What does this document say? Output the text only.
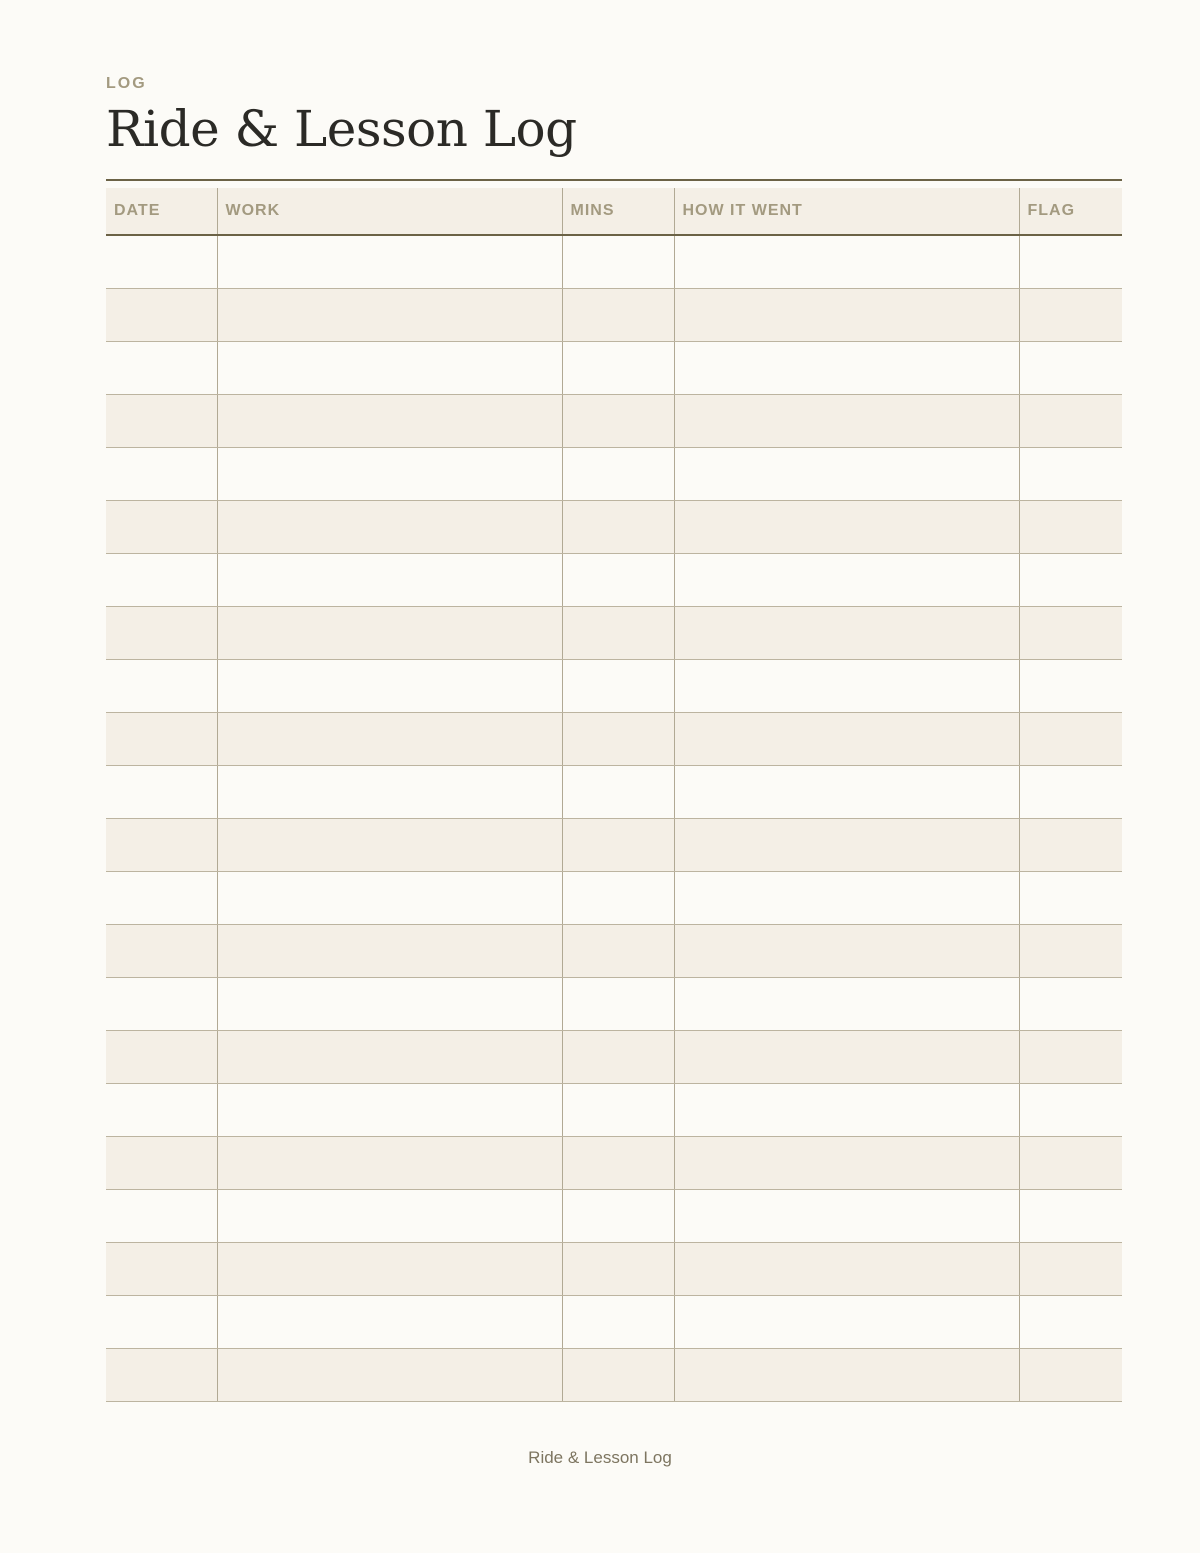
LOG
Ride & Lesson Log
DATE	WORK	MINS	HOW IT WENT	FLAG

Ride & Lesson Log
